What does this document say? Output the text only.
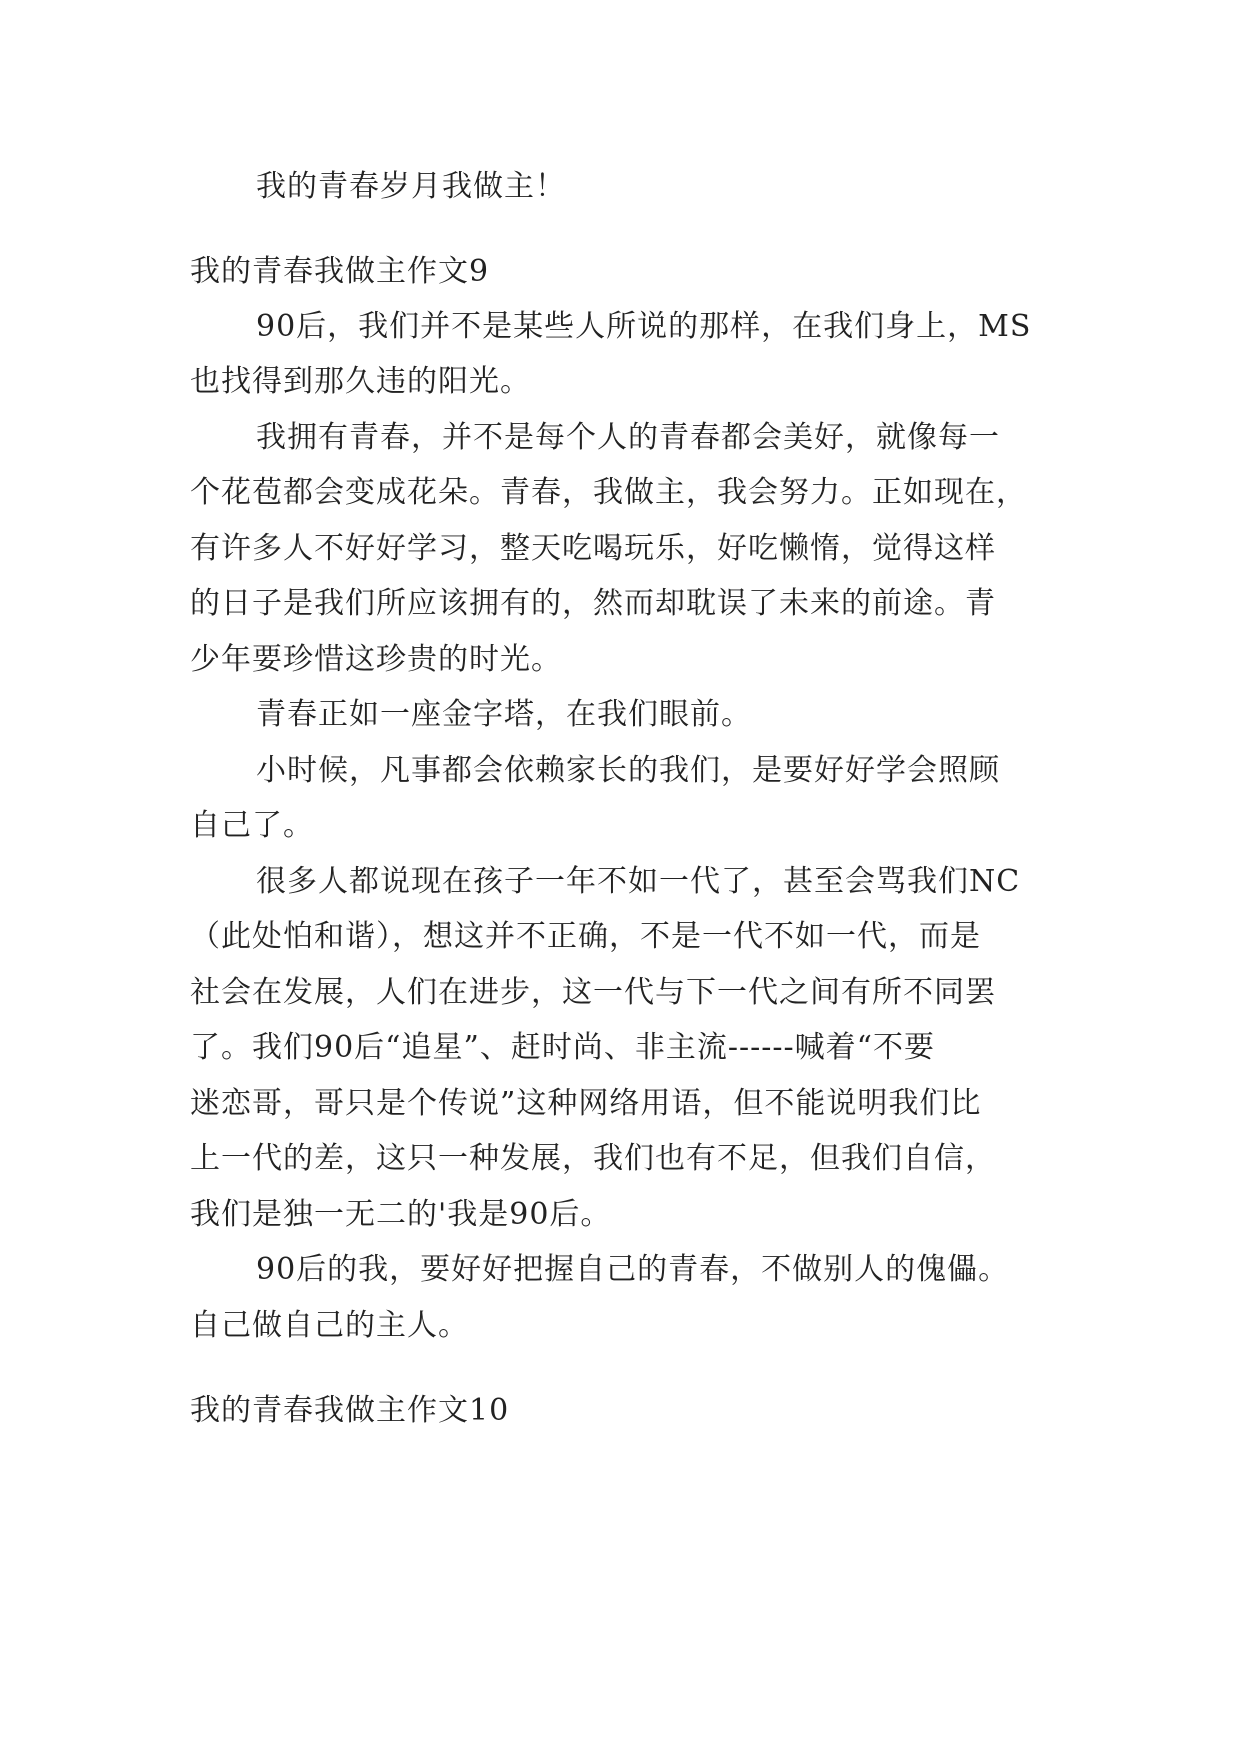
我的青春岁月我做主！
我的青春我做主作文9
90后，我们并不是某些人所说的那样，在我们身上，MS
也找得到那久违的阳光。
我拥有青春，并不是每个人的青春都会美好，就像每一
个花苞都会变成花朵。青春，我做主，我会努力。正如现在，
有许多人不好好学习，整天吃喝玩乐，好吃懒惰，觉得这样
的日子是我们所应该拥有的，然而却耽误了未来的前途。青
少年要珍惜这珍贵的时光。
青春正如一座金字塔，在我们眼前。
小时候，凡事都会依赖家长的我们，是要好好学会照顾
自己了。
很多人都说现在孩子一年不如一代了，甚至会骂我们NC
（此处怕和谐），想这并不正确，不是一代不如一代，而是
社会在发展，人们在进步，这一代与下一代之间有所不同罢
了。我们90后“追星”、赶时尚、非主流------喊着“不要
迷恋哥，哥只是个传说”这种网络用语，但不能说明我们比
上一代的差，这只一种发展，我们也有不足，但我们自信，
我们是独一无二的'我是90后。
90后的我，要好好把握自己的青春，不做别人的傀儡。
自己做自己的主人。
我的青春我做主作文10
